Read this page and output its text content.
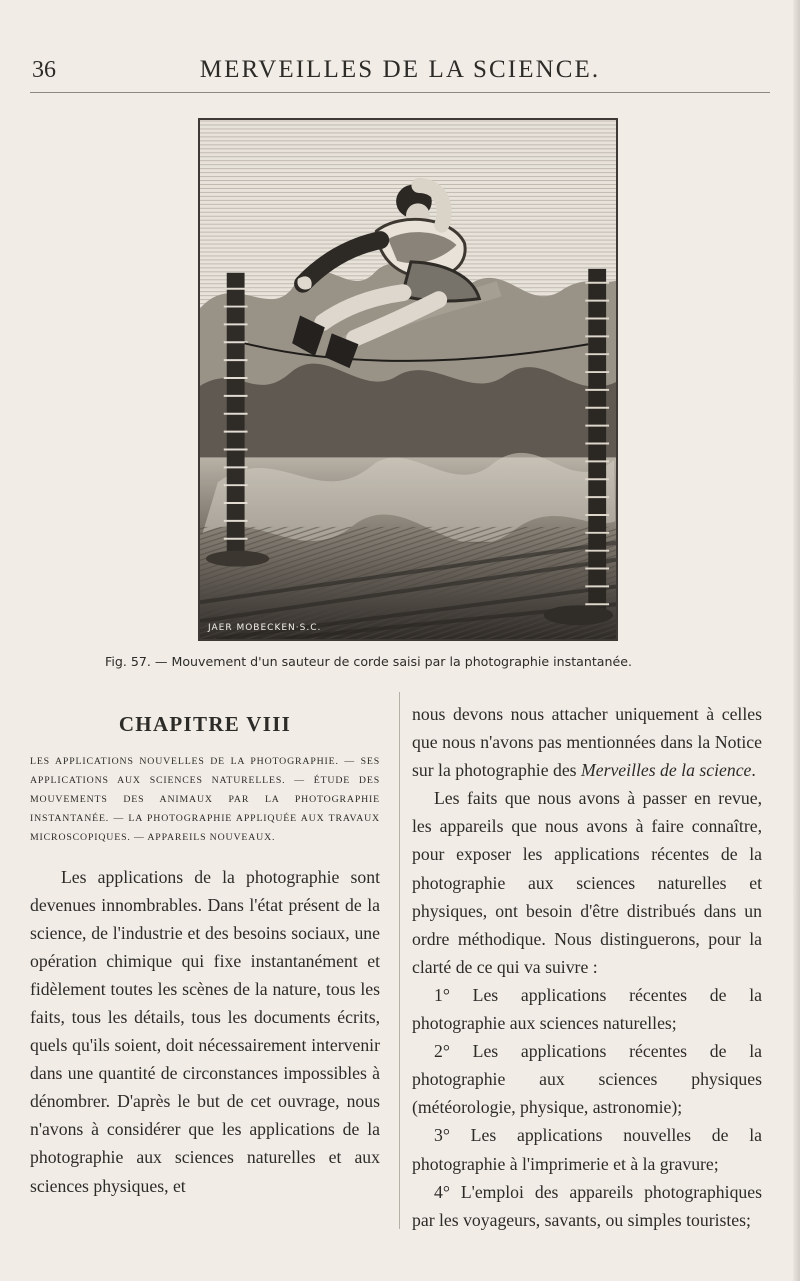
36	MERVEILLES DE LA SCIENCE.
JAER MOBECKEN·S.C.
Fig. 57. — Mouvement d'un sauteur de corde saisi par la photographie instantanée.
CHAPITRE VIII

LES APPLICATIONS NOUVELLES DE LA PHOTOGRAPHIE. — SES APPLICATIONS AUX SCIENCES NATURELLES. — ÉTUDE DES MOUVEMENTS DES ANIMAUX PAR LA PHOTOGRAPHIE INSTANTANÉE. — LA PHOTOGRAPHIE APPLIQUÉE AUX TRAVAUX MICROSCOPIQUES. — APPAREILS NOUVEAUX.

Les applications de la photographie sont devenues innombrables. Dans l'état présent de la science, de l'industrie et des besoins sociaux, une opération chimique qui fixe instantanément et fidèlement toutes les scènes de la nature, tous les faits, tous les détails, tous les documents écrits, quels qu'ils soient, doit nécessairement intervenir dans une quantité de circonstances impossibles à dénombrer. D'après le but de cet ouvrage, nous n'avons à considérer que les applications de la photographie aux sciences naturelles et aux sciences physiques, et

nous devons nous attacher uniquement à celles que nous n'avons pas mentionnées dans la Notice sur la photographie des Merveilles de la science.

Les faits que nous avons à passer en revue, les appareils que nous avons à faire connaître, pour exposer les applications récentes de la photographie aux sciences naturelles et physiques, ont besoin d'être distribués dans un ordre méthodique. Nous distinguerons, pour la clarté de ce qui va suivre :

1° Les applications récentes de la photographie aux sciences naturelles;

2° Les applications récentes de la photographie aux sciences physiques (météorologie, physique, astronomie);

3° Les applications nouvelles de la photographie à l'imprimerie et à la gravure;

4° L'emploi des appareils photographiques par les voyageurs, savants, ou simples touristes;
